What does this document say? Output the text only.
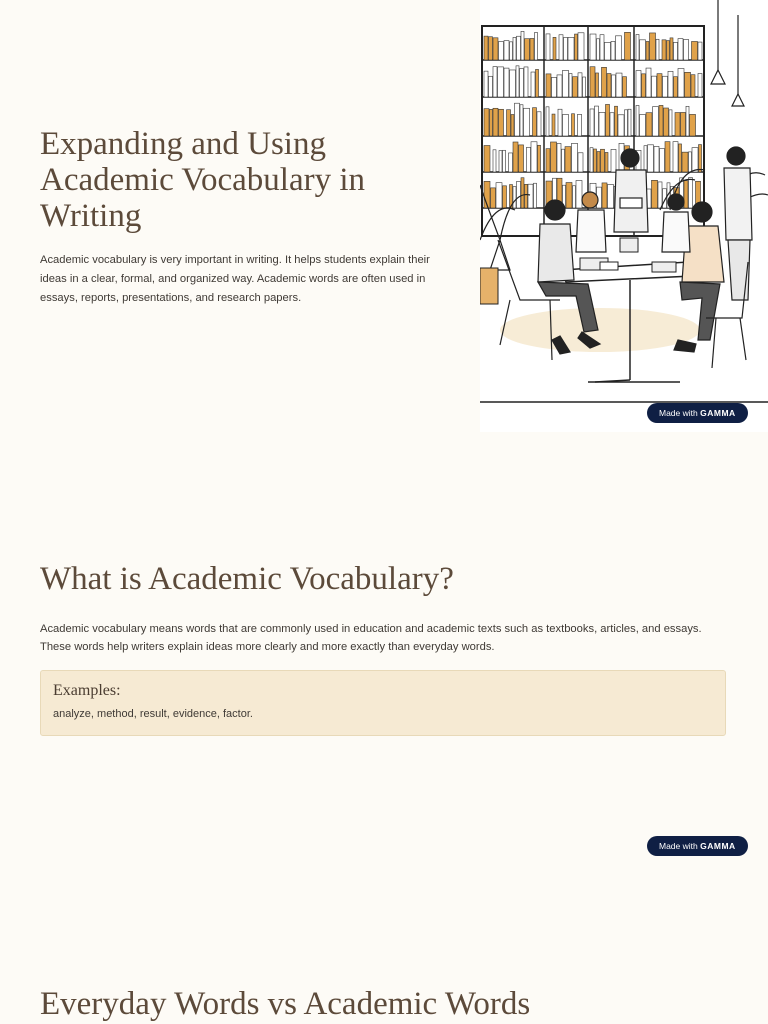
Expanding and Using Academic Vocabulary in Writing

Academic vocabulary is very important in writing. It helps students explain their ideas in a clear, formal, and organized way. Academic words are often used in essays, reports, presentations, and research papers.

Made with GAMMA
What is Academic Vocabulary?

Academic vocabulary means words that are commonly used in education and academic texts such as textbooks, articles, and essays. These words help writers explain ideas more clearly and more exactly than everyday words.

Examples:

analyze, method, result, evidence, factor.

Made with GAMMA
Everyday Words vs Academic Words
